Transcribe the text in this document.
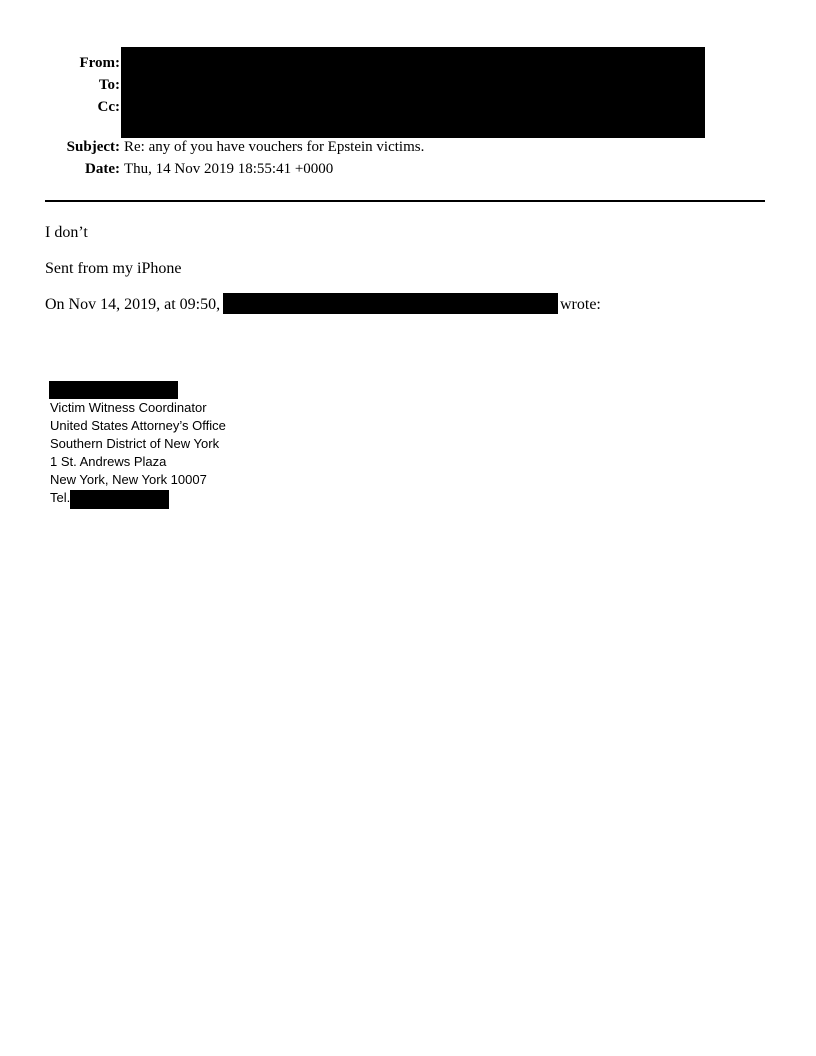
From:
To:
Cc:
Subject: Re: any of you have vouchers for Epstein victims.
Date: Thu, 14 Nov 2019 18:55:41 +0000
I don’t
Sent from my iPhone
On Nov 14, 2019, at 09:50,	wrote:
Victim Witness Coordinator
United States Attorney’s Office
Southern District of New York
1 St. Andrews Plaza
New York, New York 10007
Tel.
